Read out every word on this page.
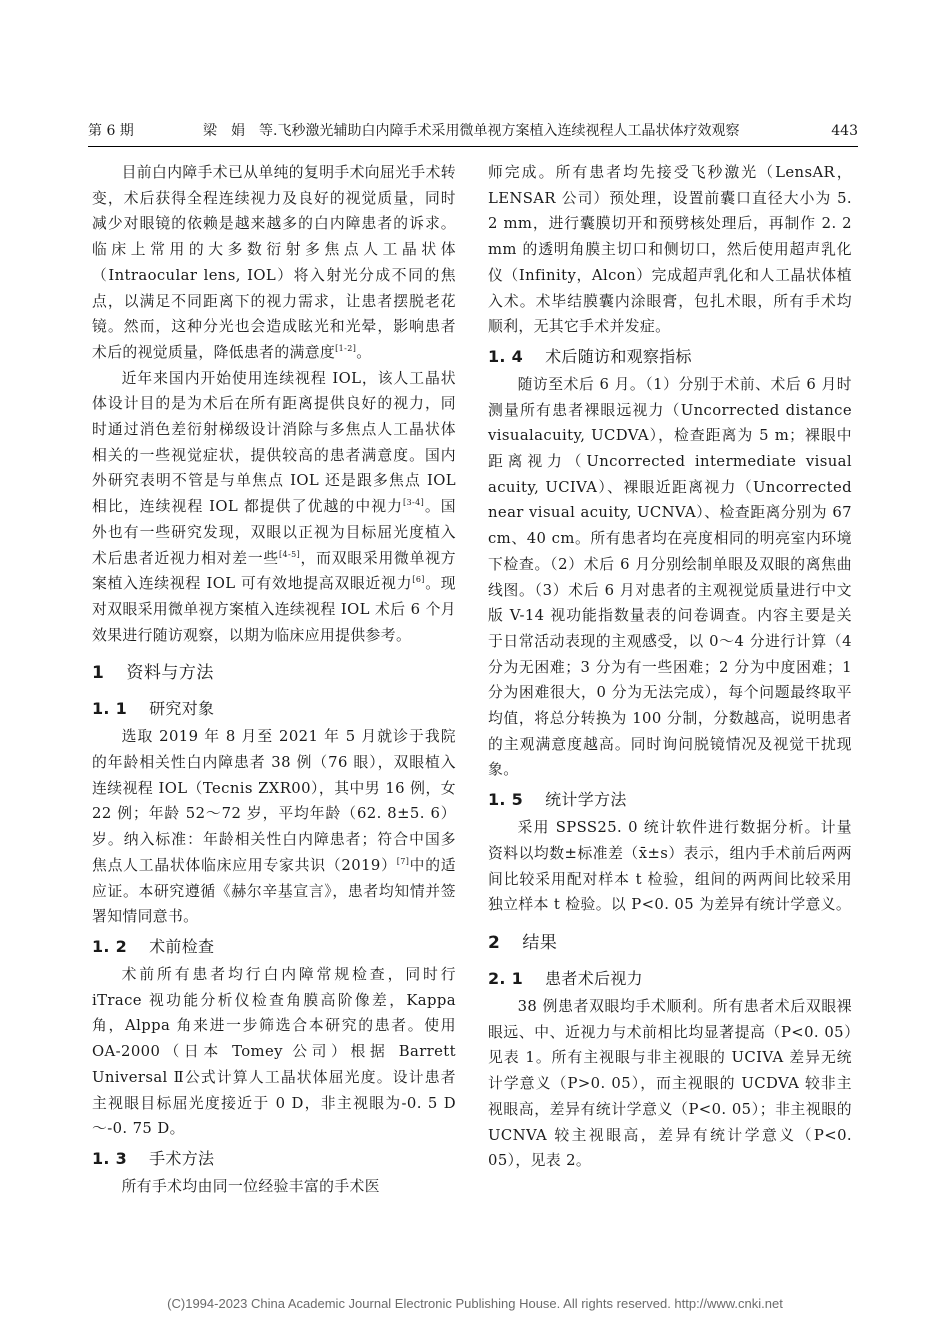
第 6 期	梁　娟　等.飞秒激光辅助白内障手术采用微单视方案植入连续视程人工晶状体疗效观察	443

目前白内障手术已从单纯的复明手术向屈光手术转变，术后获得全程连续视力及良好的视觉质量，同时减少对眼镜的依赖是越来越多的白内障患者的诉求。临床上常用的大多数衍射多焦点人工晶状体（Intraocular lens, IOL）将入射光分成不同的焦点，以满足不同距离下的视力需求，让患者摆脱老花镜。然而，这种分光也会造成眩光和光晕，影响患者术后的视觉质量，降低患者的满意度[1-2]。

近年来国内开始使用连续视程 IOL，该人工晶状体设计目的是为术后在所有距离提供良好的视力，同时通过消色差衍射梯级设计消除与多焦点人工晶状体相关的一些视觉症状，提供较高的患者满意度。国内外研究表明不管是与单焦点 IOL 还是跟多焦点 IOL 相比，连续视程 IOL 都提供了优越的中视力[3-4]。国外也有一些研究发现，双眼以正视为目标屈光度植入术后患者近视力相对差一些[4-5]，而双眼采用微单视方案植入连续视程 IOL 可有效地提高双眼近视力[6]。现对双眼采用微单视方案植入连续视程 IOL 术后 6 个月效果进行随访观察，以期为临床应用提供参考。

1 资料与方法
1. 1 研究对象

选取 2019 年 8 月至 2021 年 5 月就诊于我院的年龄相关性白内障患者 38 例（76 眼），双眼植入连续视程 IOL（Tecnis ZXR00），其中男 16 例，女 22 例；年龄 52～72 岁，平均年龄（62. 8±5. 6）岁。纳入标准：年龄相关性白内障患者；符合中国多焦点人工晶状体临床应用专家共识（2019）[7]中的适应证。本研究遵循《赫尔辛基宣言》，患者均知情并签署知情同意书。

1. 2 术前检查

术前所有患者均行白内障常规检查，同时行 iTrace 视功能分析仪检查角膜高阶像差，Kappa 角，Alppa 角来进一步筛选合本研究的患者。使用 OA-2000（日本 Tomey 公司）根据 Barrett Universal Ⅱ公式计算人工晶状体屈光度。设计患者主视眼目标屈光度接近于 0 D，非主视眼为-0. 5 D～-0. 75 D。

1. 3 手术方法

所有手术均由同一位经验丰富的手术医

师完成。所有患者均先接受飞秒激光（LensAR，LENSAR 公司）预处理，设置前囊口直径大小为 5. 2 mm，进行囊膜切开和预劈核处理后，再制作 2. 2 mm 的透明角膜主切口和侧切口，然后使用超声乳化仪（Infinity，Alcon）完成超声乳化和人工晶状体植入术。术毕结膜囊内涂眼膏，包扎术眼，所有手术均顺利，无其它手术并发症。

1. 4 术后随访和观察指标

随访至术后 6 月。（1）分别于术前、术后 6 月时测量所有患者裸眼远视力（Uncorrected distance visualacuity, UCDVA），检查距离为 5 m；裸眼中距离视力（Uncorrected intermediate visual acuity, UCIVA）、裸眼近距离视力（Uncorrected near visual acuity, UCNVA）、检查距离分别为 67 cm、40 cm。所有患者均在亮度相同的明亮室内环境下检查。（2）术后 6 月分别绘制单眼及双眼的离焦曲线图。（3）术后 6 月对患者的主观视觉质量进行中文版 V-14 视功能指数量表的问卷调查。内容主要是关于日常活动表现的主观感受，以 0～4 分进行计算（4 分为无困难；3 分为有一些困难；2 分为中度困难；1 分为困难很大，0 分为无法完成），每个问题最终取平均值，将总分转换为 100 分制，分数越高，说明患者的主观满意度越高。同时询问脱镜情况及视觉干扰现象。

1. 5 统计学方法

采用 SPSS25. 0 统计软件进行数据分析。计量资料以均数±标准差（x̄±s）表示，组内手术前后两两间比较采用配对样本 t 检验，组间的两两间比较采用独立样本 t 检验。以 P<0. 05 为差异有统计学意义。

2 结果
2. 1 患者术后视力

38 例患者双眼均手术顺利。所有患者术后双眼裸眼远、中、近视力与术前相比均显著提高（P<0. 05）见表 1。所有主视眼与非主视眼的 UCIVA 差异无统计学意义（P>0. 05），而主视眼的 UCDVA 较非主视眼高，差异有统计学意义（P<0. 05）；非主视眼的 UCNVA 较主视眼高，差异有统计学意义（P<0. 05），见表 2。

(C)1994-2023 China Academic Journal Electronic Publishing House. All rights reserved. http://www.cnki.net
